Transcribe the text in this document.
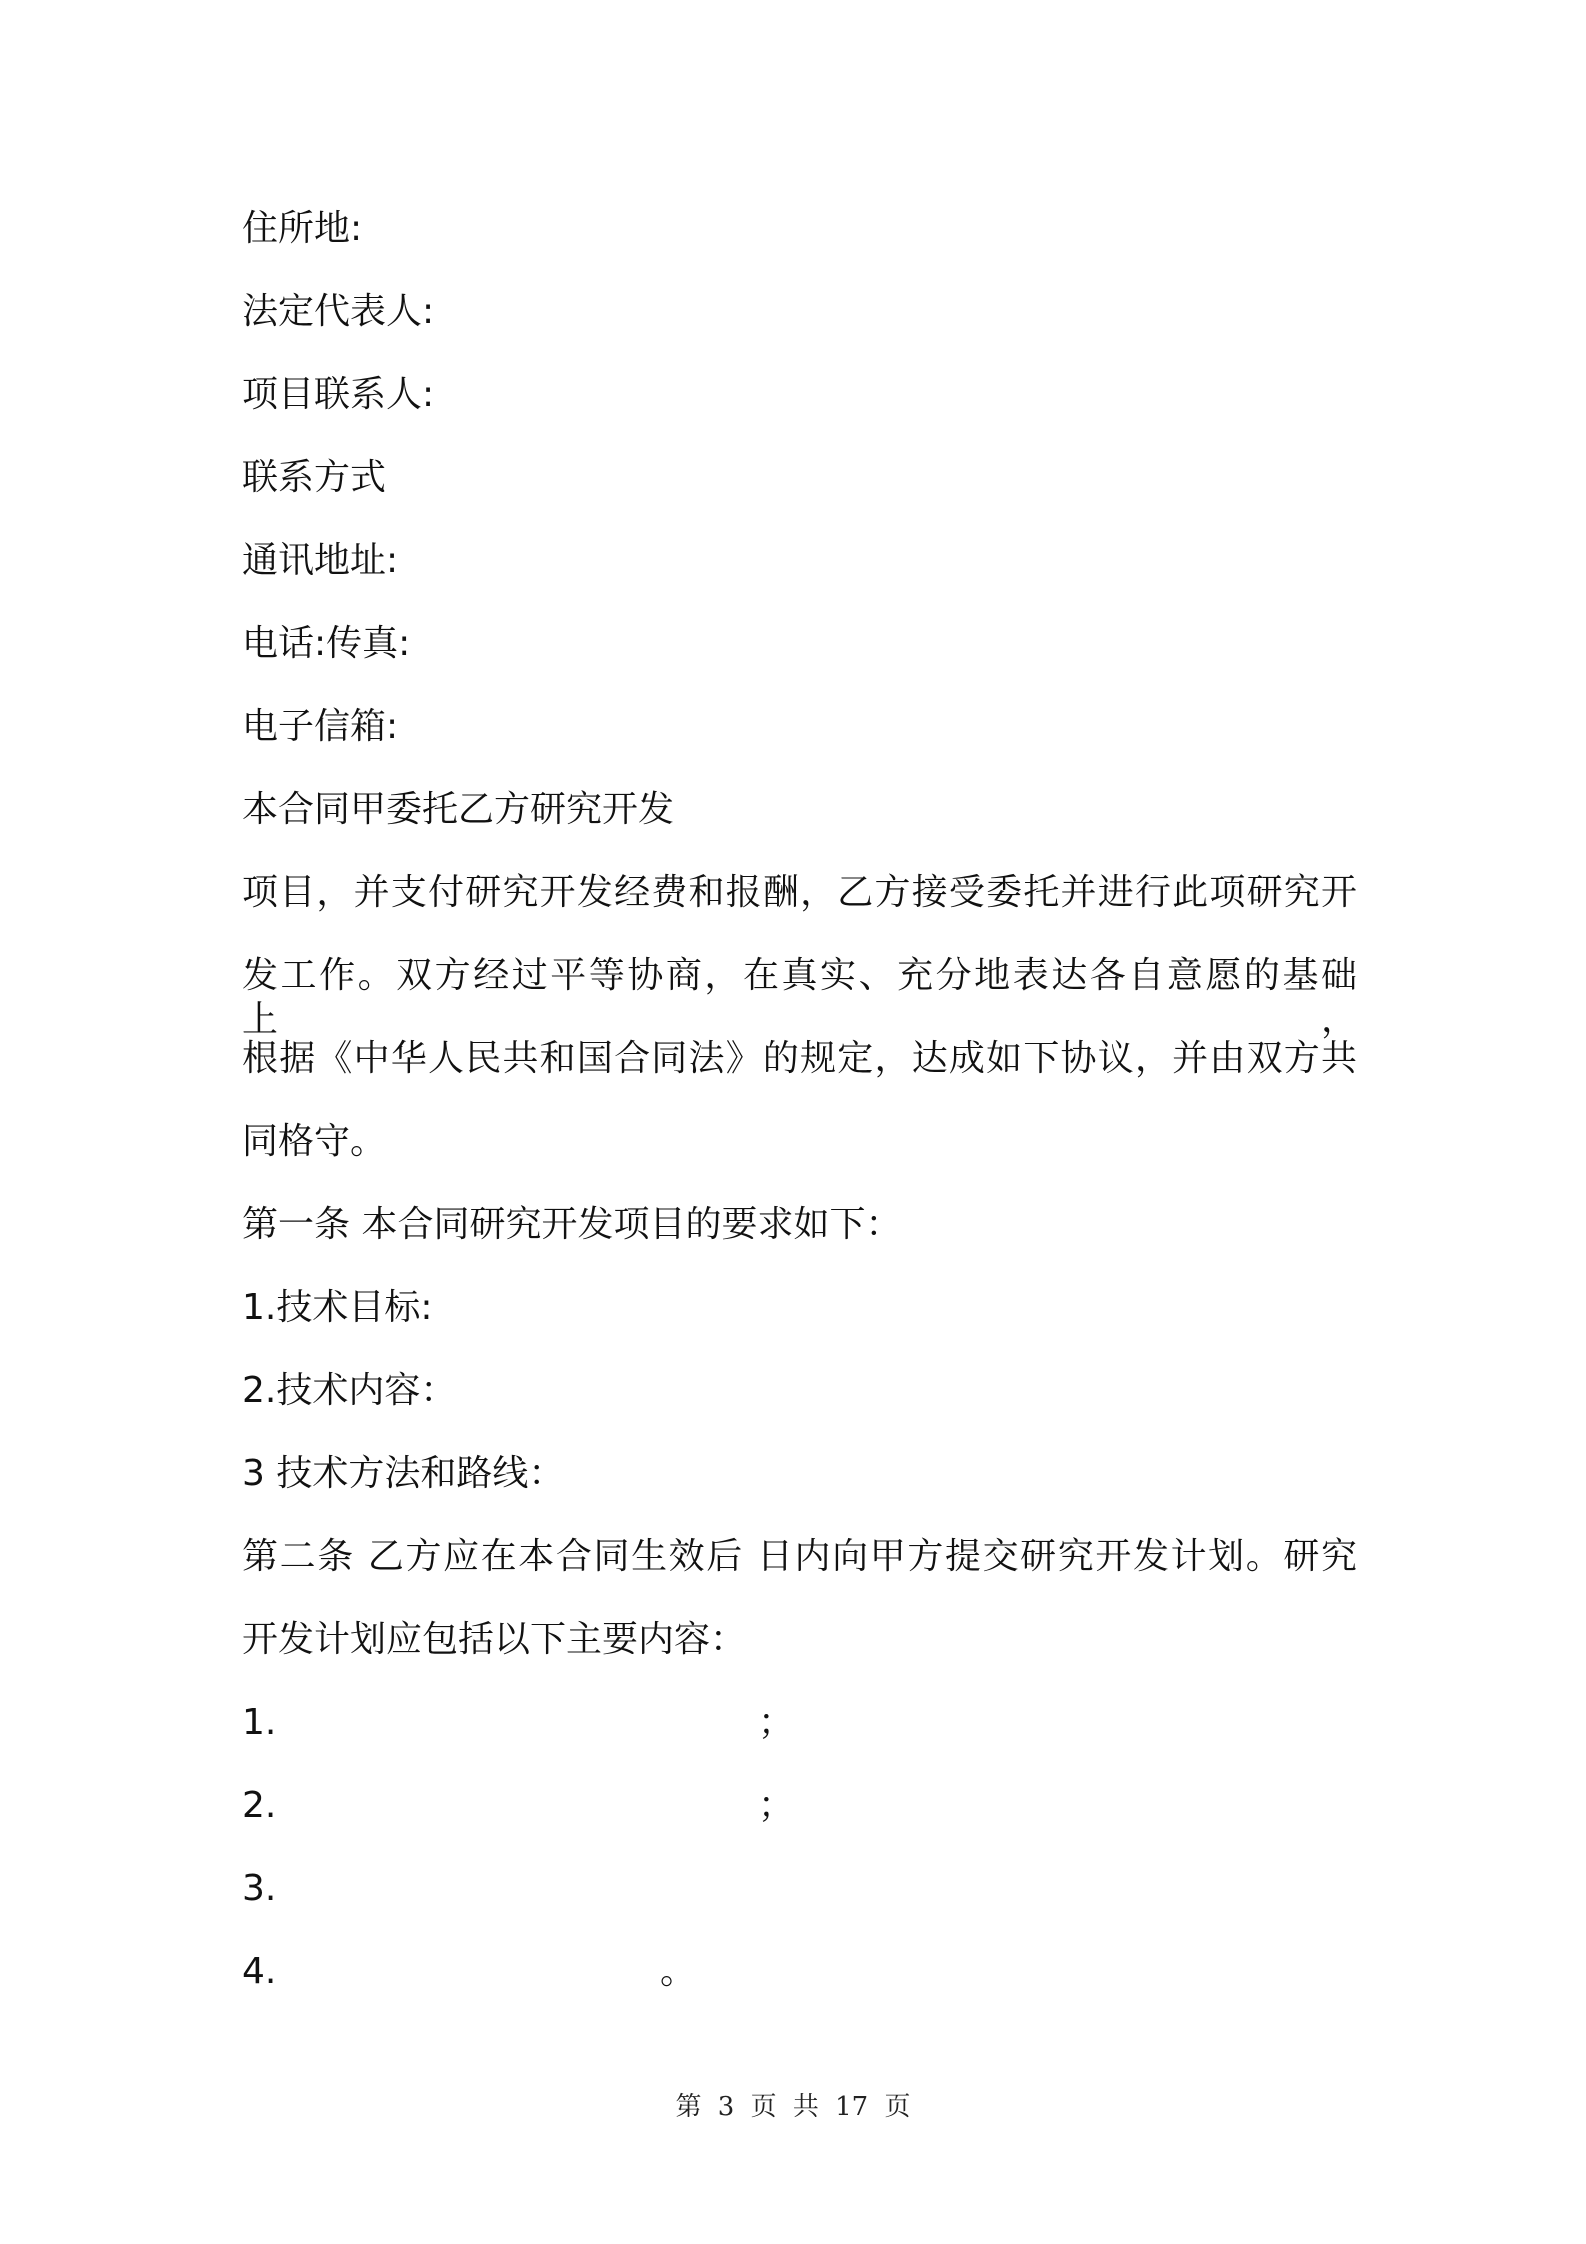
住所地:
法定代表人:
项目联系人:
联系方式
通讯地址:
电话:传真:
电子信箱:
本合同甲委托乙方研究开发
项目，并支付研究开发经费和报酬，乙方接受委托并进行此项研究开
发工作。双方经过平等协商，在真实、充分地表达各自意愿的基础上，
根据《中华人民共和国合同法》的规定，达成如下协议，并由双方共
同格守。
第一条 本合同研究开发项目的要求如下：
1.技术目标:
2.技术内容：
3 技术方法和路线：
第二条 乙方应在本合同生效后 日内向甲方提交研究开发计划。研究
开发计划应包括以下主要内容：
1.	；
2.	；
3.
4.	。
第 3 页 共 17 页
